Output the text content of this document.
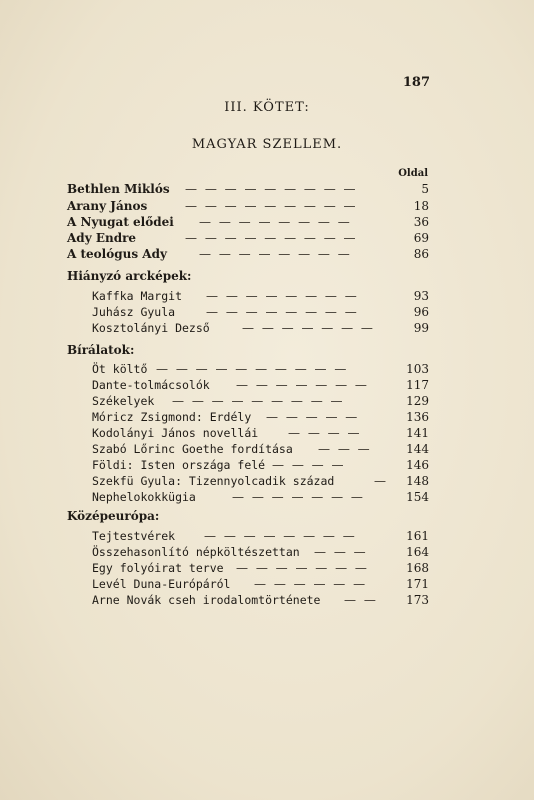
187
III. KÖTET:
MAGYAR SZELLEM.
Oldal
Bethlen Miklós — — — — — — — — —	5
Arany János	— — — — — — — — —	18
A Nyugat elődei — — — — — — — —	36
Ady Endre	— — — — — — — — —	69
A teológus Ady	— — — — — — — —	86
Hiányzó arcképek:
Kaffka Margit — — — — — — — —	93
Juhász Gyula	— — — — — — — —	96
Kosztolányi Dezső	— — — — — — —	99
Bírálatok:
Öt költő — — — — — — — — — —	103
Dante-tolmácsolók — — — — — — —	117
Székelyek — — — — — — — — —	129
Móricz Zsigmond: Erdély — — — — —	136
Kodolányi János novellái — — — —	141
Szabó Lőrinc Goethe fordítása — — —	144
Földi: Isten országa felé — — — —	146
Szekfü Gyula: Tizennyolcadik század	—	148
Nephelokokkügia	— — — — — — —	154
Középeurópa:
Tejtestvérek — — — — — — — —	161
Összehasonlító népköltészettan — — —	164
Egy folyóirat terve — — — — — — —	168
Levél Duna-Európáról — — — — — —	171
Arne Novák cseh irodalomtörténete — —	173
